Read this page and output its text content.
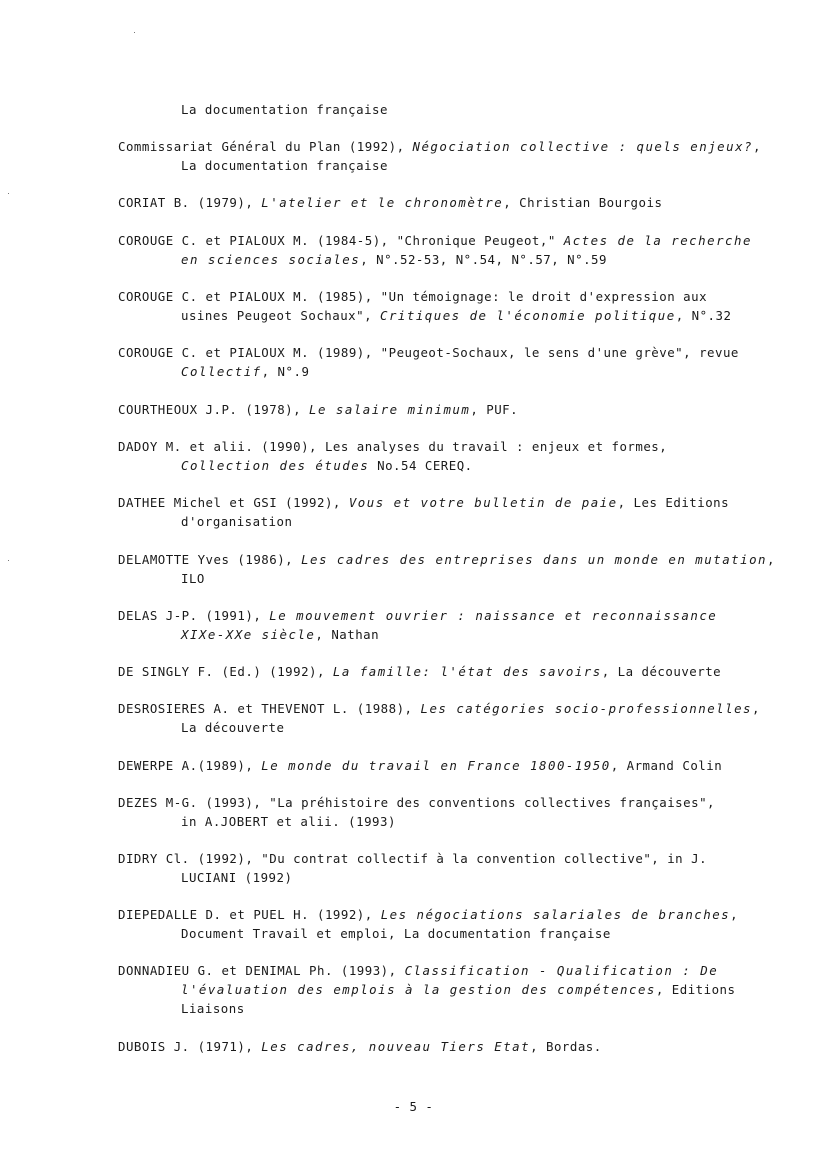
La documentation française
Commissariat Général du Plan (1992), Négociation collective : quels enjeux?,
La documentation française
CORIAT B. (1979), L'atelier et le chronomètre, Christian Bourgois
COROUGE C. et PIALOUX M. (1984-5), "Chronique Peugeot," Actes de la recherche
en sciences sociales, N°.52-53, N°.54, N°.57, N°.59
COROUGE C. et PIALOUX M. (1985), "Un témoignage: le droit d'expression aux
usines Peugeot Sochaux", Critiques de l'économie politique, N°.32
COROUGE C. et PIALOUX M. (1989), "Peugeot-Sochaux, le sens d'une grève", revue
Collectif, N°.9
COURTHEOUX J.P. (1978), Le salaire minimum, PUF.
DADOY M. et alii. (1990), Les analyses du travail : enjeux et formes,
Collection des études No.54 CEREQ.
DATHEE Michel et GSI (1992), Vous et votre bulletin de paie, Les Editions
d'organisation
DELAMOTTE Yves (1986), Les cadres des entreprises dans un monde en mutation,
ILO
DELAS J-P. (1991), Le mouvement ouvrier : naissance et reconnaissance
XIXe-XXe siècle, Nathan
DE SINGLY F. (Ed.) (1992), La famille: l'état des savoirs, La découverte
DESROSIERES A. et THEVENOT L. (1988), Les catégories socio-professionnelles,
La découverte
DEWERPE A.(1989), Le monde du travail en France 1800-1950, Armand Colin
DEZES M-G. (1993), "La préhistoire des conventions collectives françaises",
in A.JOBERT et alii. (1993)
DIDRY Cl. (1992), "Du contrat collectif à la convention collective", in J.
LUCIANI (1992)
DIEPEDALLE D. et PUEL H. (1992), Les négociations salariales de branches,
Document Travail et emploi, La documentation française
DONNADIEU G. et DENIMAL Ph. (1993), Classification - Qualification : De
l'évaluation des emplois à la gestion des compétences, Editions
Liaisons
DUBOIS J. (1971), Les cadres, nouveau Tiers Etat, Bordas.
- 5 -
